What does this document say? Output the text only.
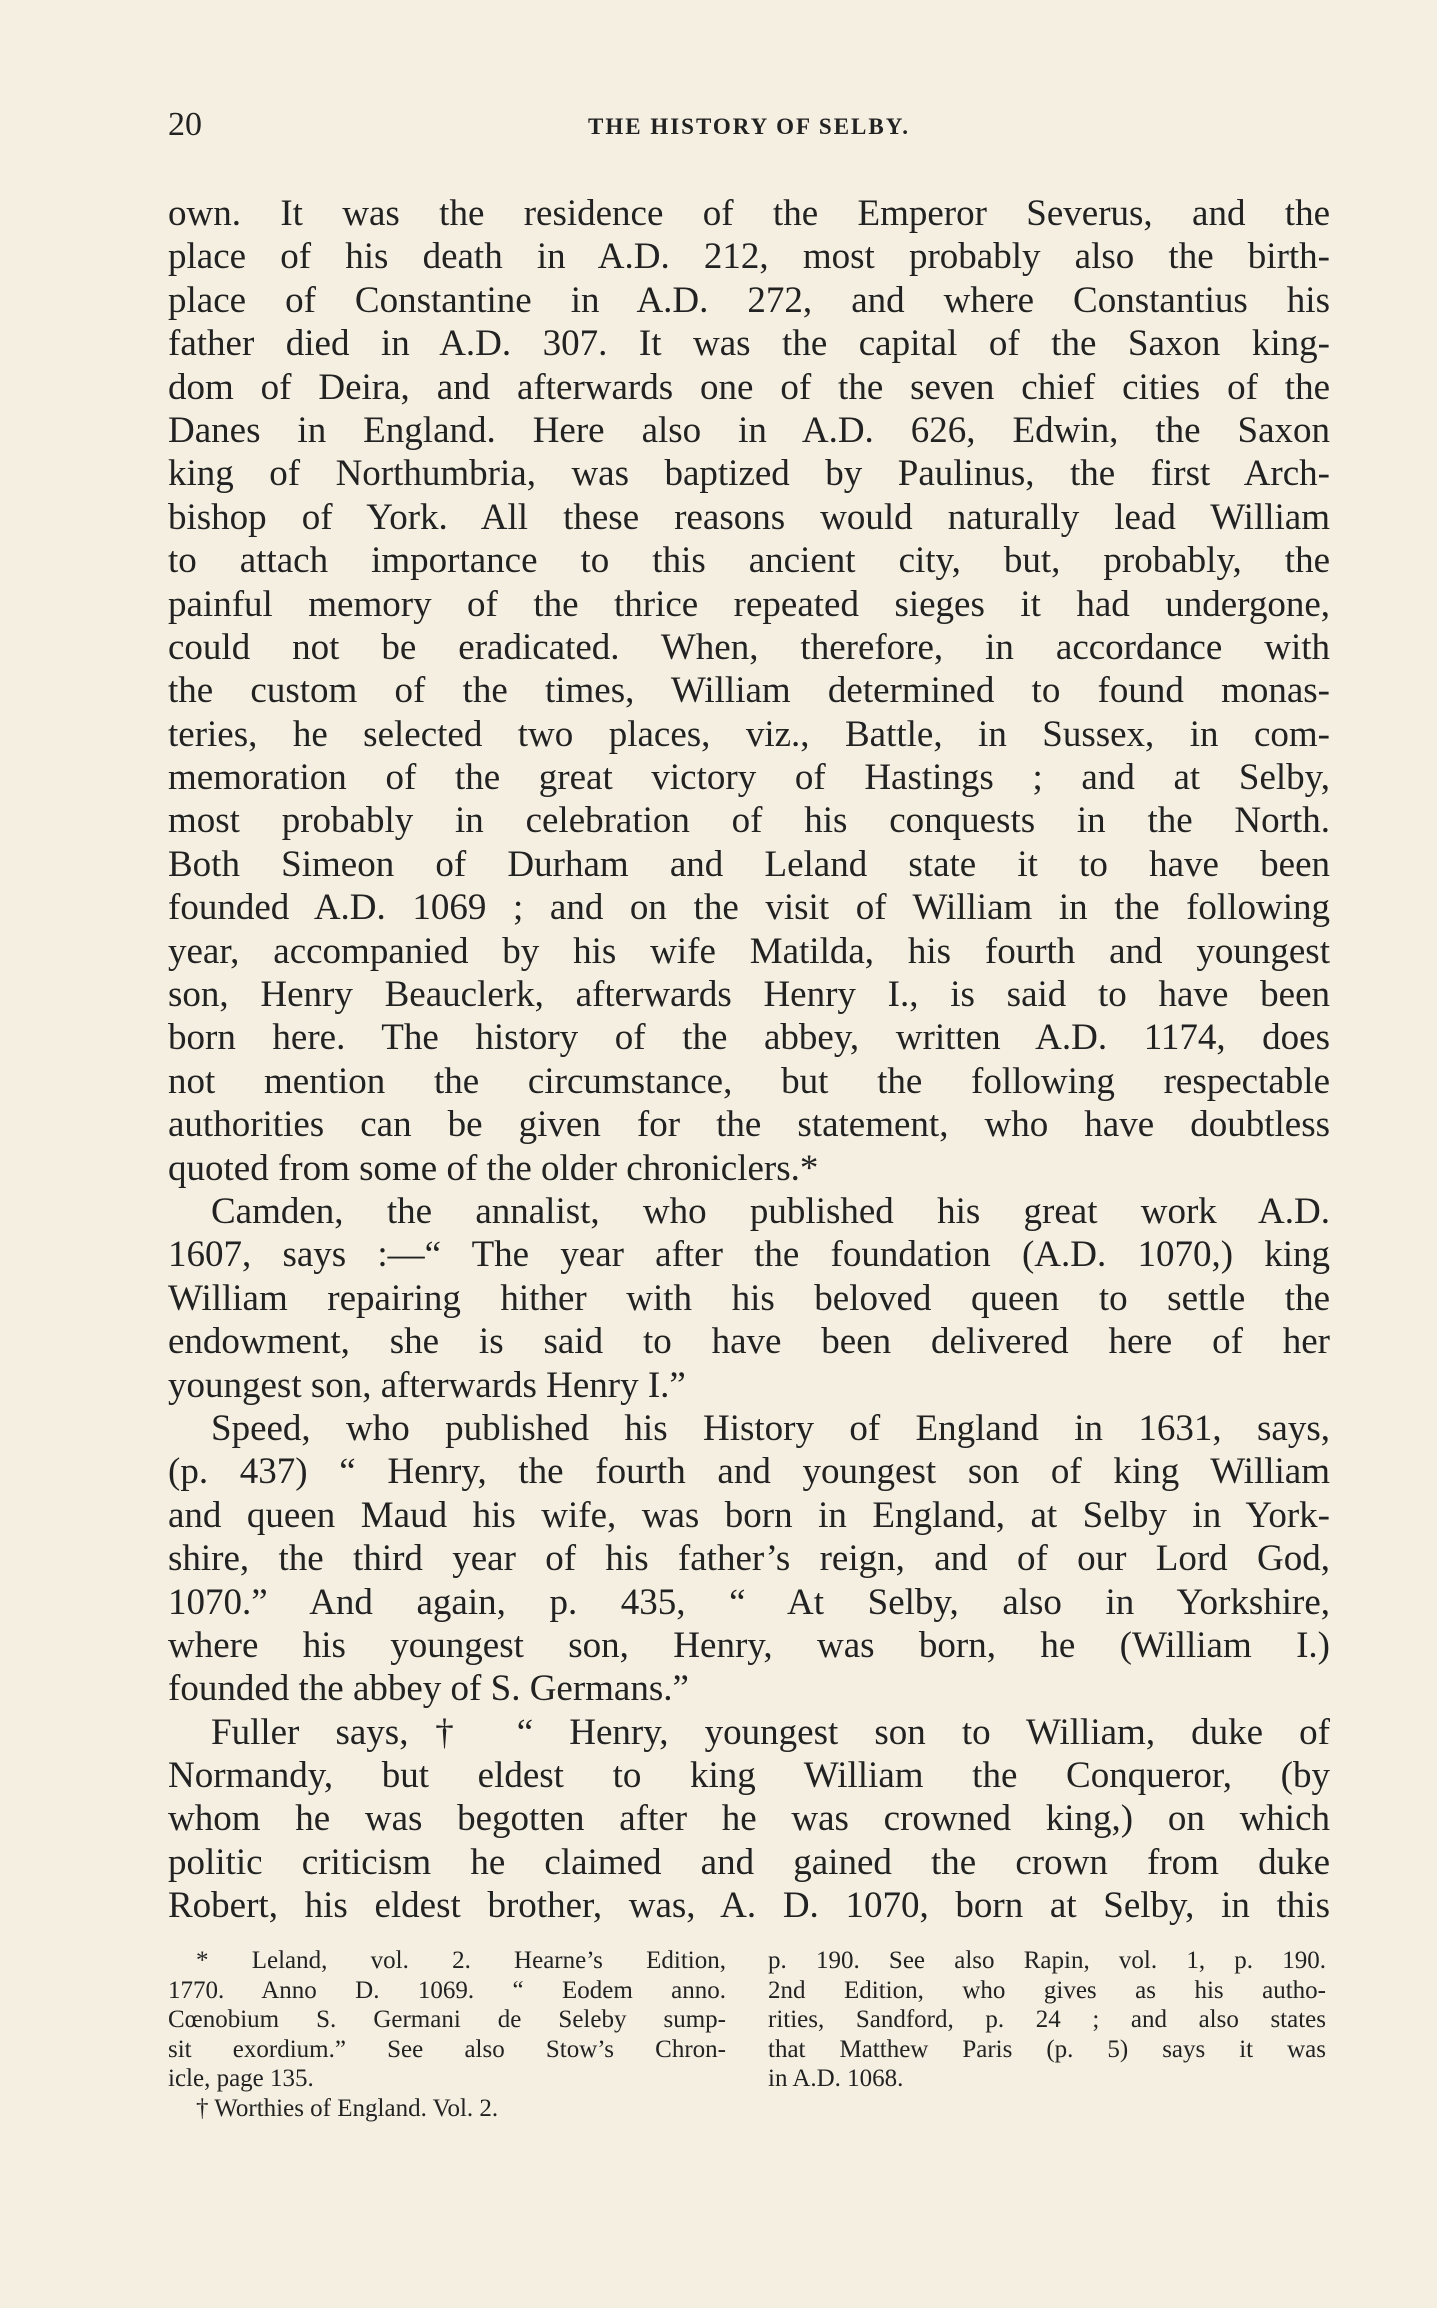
20	THE HISTORY OF SELBY.
own. It was the residence of the Emperor Severus, and the
place of his death in A.D. 212, most probably also the birth-
place of Constantine in A.D. 272, and where Constantius his
father died in A.D. 307. It was the capital of the Saxon king-
dom of Deira, and afterwards one of the seven chief cities of the
Danes in England. Here also in A.D. 626, Edwin, the Saxon
king of Northumbria, was baptized by Paulinus, the first Arch-
bishop of York. All these reasons would naturally lead William
to attach importance to this ancient city, but, probably, the
painful memory of the thrice repeated sieges it had undergone,
could not be eradicated. When, therefore, in accordance with
the custom of the times, William determined to found monas-
teries, he selected two places, viz., Battle, in Sussex, in com-
memoration of the great victory of Hastings ; and at Selby,
most probably in celebration of his conquests in the North.
Both Simeon of Durham and Leland state it to have been
founded A.D. 1069 ; and on the visit of William in the following
year, accompanied by his wife Matilda, his fourth and youngest
son, Henry Beauclerk, afterwards Henry I., is said to have been
born here. The history of the abbey, written A.D. 1174, does
not mention the circumstance, but the following respectable
authorities can be given for the statement, who have doubtless
quoted from some of the older chroniclers.*
Camden, the annalist, who published his great work A.D.
1607, says :—“ The year after the foundation (A.D. 1070,) king
William repairing hither with his beloved queen to settle the
endowment, she is said to have been delivered here of her
youngest son, afterwards Henry I.”
Speed, who published his History of England in 1631, says,
(p. 437) “ Henry, the fourth and youngest son of king William
and queen Maud his wife, was born in England, at Selby in York-
shire, the third year of his father’s reign, and of our Lord God,
1070.” And again, p. 435, “ At Selby, also in Yorkshire,
where his youngest son, Henry, was born, he (William I.)
founded the abbey of S. Germans.”
Fuller says,† “ Henry, youngest son to William, duke of
Normandy, but eldest to king William the Conqueror, (by
whom he was begotten after he was crowned king,) on which
politic criticism he claimed and gained the crown from duke
Robert, his eldest brother, was, A. D. 1070, born at Selby, in this
* Leland, vol. 2. Hearne’s Edition,
1770. Anno D. 1069. “ Eodem anno.
Cœnobium S. Germani de Seleby sump-
sit exordium.” See also Stow’s Chron-
icle, page 135.
† Worthies of England. Vol. 2.
p. 190. See also Rapin, vol. 1, p. 190.
2nd Edition, who gives as his autho-
rities, Sandford, p. 24 ; and also states
that Matthew Paris (p. 5) says it was
in A.D. 1068.
